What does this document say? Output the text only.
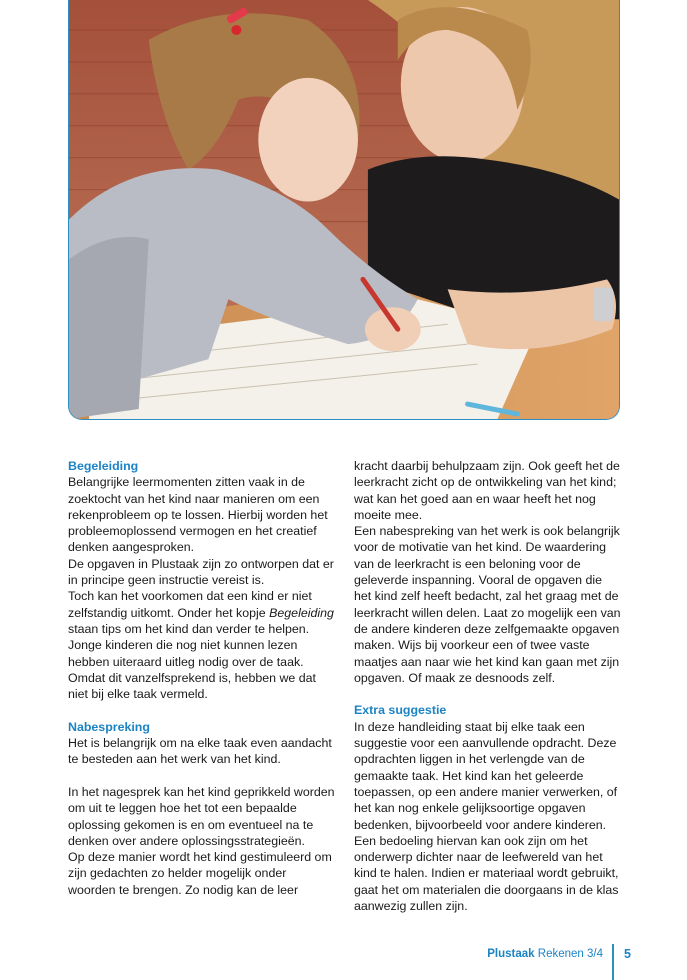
Begeleiding

Belangrijke leermomenten zitten vaak in de zoektocht van het kind naar manieren om een rekenprobleem op te lossen. Hierbij worden het probleemoplossend vermogen en het creatief denken aangesproken.

De opgaven in Plustaak zijn zo ontworpen dat er in principe geen instructie vereist is.

Toch kan het voorkomen dat een kind er niet zelfstandig uitkomt. Onder het kopje Begeleiding staan tips om het kind dan verder te helpen.

Jonge kinderen die nog niet kunnen lezen hebben uiteraard uitleg nodig over de taak. Omdat dit vanzelfsprekend is, hebben we dat niet bij elke taak vermeld.

Nabespreking

Het is belangrijk om na elke taak even aandacht te besteden aan het werk van het kind.

In het nagesprek kan het kind geprikkeld worden om uit te leggen hoe het tot een bepaalde oplossing gekomen is en om eventueel na te denken over andere oplossingsstrategieën.

Op deze manier wordt het kind gestimuleerd om zijn gedachten zo helder mogelijk onder woorden te brengen. Zo nodig kan de leer

kracht daarbij behulpzaam zijn. Ook geeft het de leerkracht zicht op de ontwikkeling van het kind; wat kan het goed aan en waar heeft het nog moeite mee.

Een nabespreking van het werk is ook belangrijk voor de motivatie van het kind. De waardering van de leerkracht is een beloning voor de geleverde inspanning. Vooral de opgaven die het kind zelf heeft bedacht, zal het graag met de leerkracht willen delen. Laat zo mogelijk een van de andere kinderen deze zelfgemaakte opgaven maken. Wijs bij voorkeur een of twee vaste maatjes aan naar wie het kind kan gaan met zijn opgaven. Of maak ze desnoods zelf.

Extra suggestie

In deze handleiding staat bij elke taak een suggestie voor een aanvullende opdracht. Deze opdrachten liggen in het verlengde van de gemaakte taak. Het kind kan het geleerde toepassen, op een andere manier verwerken, of het kan nog enkele gelijksoortige opgaven bedenken, bijvoorbeeld voor andere kinderen. Een bedoeling hiervan kan ook zijn om het onderwerp dichter naar de leefwereld van het kind te halen. Indien er materiaal wordt gebruikt, gaat het om materialen die doorgaans in de klas aanwezig zullen zijn.

Plustaak Rekenen 3/4 5
